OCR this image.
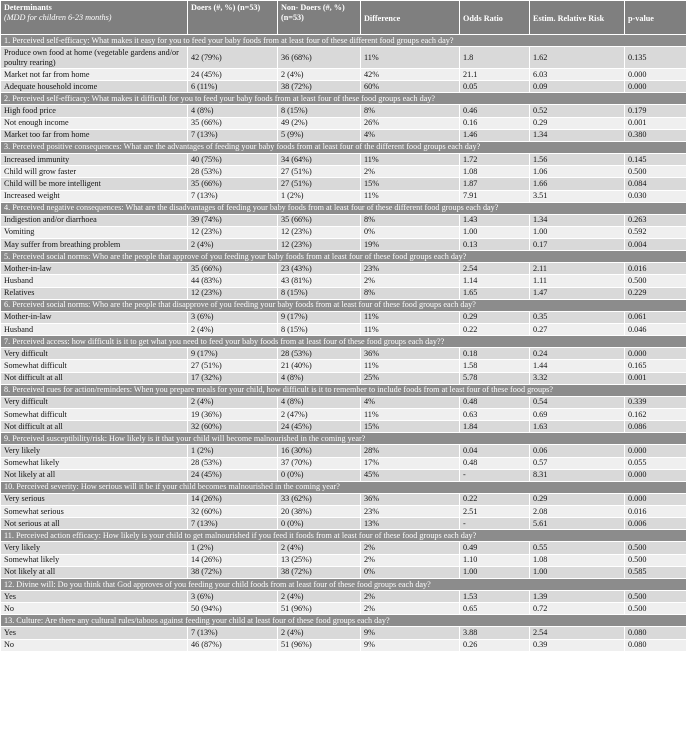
Determinants
(MDD for children 6-23 months)	Doers (#, %) (n=53)	Non- Doers (#, %) (n=53)	Difference	Odds Ratio	Estim. Relative Risk	p-value
1. Perceived self-efficacy: What makes it easy for you to feed your baby foods from at least four of these different food groups each day?						
Produce own food at home (vegetable gardens and/or poultry rearing)	42 (79%)	36 (68%)	11%	1.8	1.62	0.135
Market not far from home	24 (45%)	2 (4%)	42%	21.1	6.03	0.000
Adequate household income	6 (11%)	38 (72%)	60%	0.05	0.09	0.000
2. Perceived self-efficacy: What makes it difficult for you to feed your baby foods from at least four of these food groups each day?						
High food price	4 (8%)	8 (15%)	8%	0.46	0.52	0.179
Not enough income	35 (66%)	49 (2%)	26%	0.16	0.29	0.001
Market too far from home	7 (13%)	5 (9%)	4%	1.46	1.34	0.380
3. Perceived positive consequences: What are the advantages of feeding your baby foods from at least four of the different food groups each day?						
Increased immunity	40 (75%)	34 (64%)	11%	1.72	1.56	0.145
Child will grow faster	28 (53%)	27 (51%)	2%	1.08	1.06	0.500
Child will be more intelligent	35 (66%)	27 (51%)	15%	1.87	1.66	0.084
Increased weight	7 (13%)	1 (2%)	11%	7.91	3.51	0.030
4. Perceived negative consequences: What are the disadvantages of feeding your baby foods from at least four of these different food groups each day?						
Indigestion and/or diarrhoea	39 (74%)	35 (66%)	8%	1.43	1.34	0.263
Vomiting	12 (23%)	12 (23%)	0%	1.00	1.00	0.592
May suffer from breathing problem	2 (4%)	12 (23%)	19%	0.13	0.17	0.004
5. Perceived social norms: Who are the people that approve of you feeding your baby foods from at least four of these food groups each day?						
Mother-in-law	35 (66%)	23 (43%)	23%	2.54	2.11	0.016
Husband	44 (83%)	43 (81%)	2%	1.14	1.11	0.500
Relatives	12 (23%)	8 (15%)	8%	1.65	1.47	0.229
6. Perceived social norms: Who are the people that disapprove of you feeding your baby foods from at least four of these food groups each day?						
Mother-in-law	3 (6%)	9 (17%)	11%	0.29	0.35	0.061
Husband	2 (4%)	8 (15%)	11%	0.22	0.27	0.046
7. Perceived access: how difficult is it to get what you need to feed your baby foods from at least four of these food groups each day??						
Very difficult	9 (17%)	28 (53%)	36%	0.18	0.24	0.000
Somewhat difficult	27 (51%)	21 (40%)	11%	1.58	1.44	0.165
Not difficult at all	17 (32%)	4 (8%)	25%	5.78	3.32	0.001
8. Perceived cues for action/reminders: When you prepare meals for your child, how difficult is it to remember to include foods from at least four of these food groups?						
Very difficult	2 (4%)	4 (8%)	4%	0.48	0.54	0.339
Somewhat difficult	19 (36%)	2 (47%)	11%	0.63	0.69	0.162
Not difficult at all	32 (60%)	24 (45%)	15%	1.84	1.63	0.086
9. Perceived susceptibility/risk: How likely is it that your child will become malnourished in the coming year?						
Very likely	1 (2%)	16 (30%)	28%	0.04	0.06	0.000
Somewhat likely	28 (53%)	37 (70%)	17%	0.48	0.57	0.055
Not likely at all	24 (45%)	0 (0%)	45%	-	8.31	0.000
10. Perceived severity: How serious will it be if your child becomes malnourished in the coming year?						
Very serious	14 (26%)	33 (62%)	36%	0.22	0.29	0.000
Somewhat serious	32 (60%)	20 (38%)	23%	2.51	2.08	0.016
Not serious at all	7 (13%)	0 (0%)	13%	-	5.61	0.006
11. Perceived action efficacy: How likely is your child to get malnourished if you feed it foods from at least four of these food groups each day?						
Very likely	1 (2%)	2 (4%)	2%	0.49	0.55	0.500
Somewhat likely	14 (26%)	13 (25%)	2%	1.10	1.08	0.500
Not likely at all	38 (72%)	38 (72%)	0%	1.00	1.00	0.585
12. Divine will: Do you think that God approves of you feeding your child foods from at least four of these food groups each day?						
Yes	3 (6%)	2 (4%)	2%	1.53	1.39	0.500
No	50 (94%)	51 (96%)	2%	0.65	0.72	0.500
13. Culture: Are there any cultural rules/taboos against feeding your child at least four of these food groups each day?						
Yes	7 (13%)	2 (4%)	9%	3.88	2.54	0.080
No	46 (87%)	51 (96%)	9%	0.26	0.39	0.080
